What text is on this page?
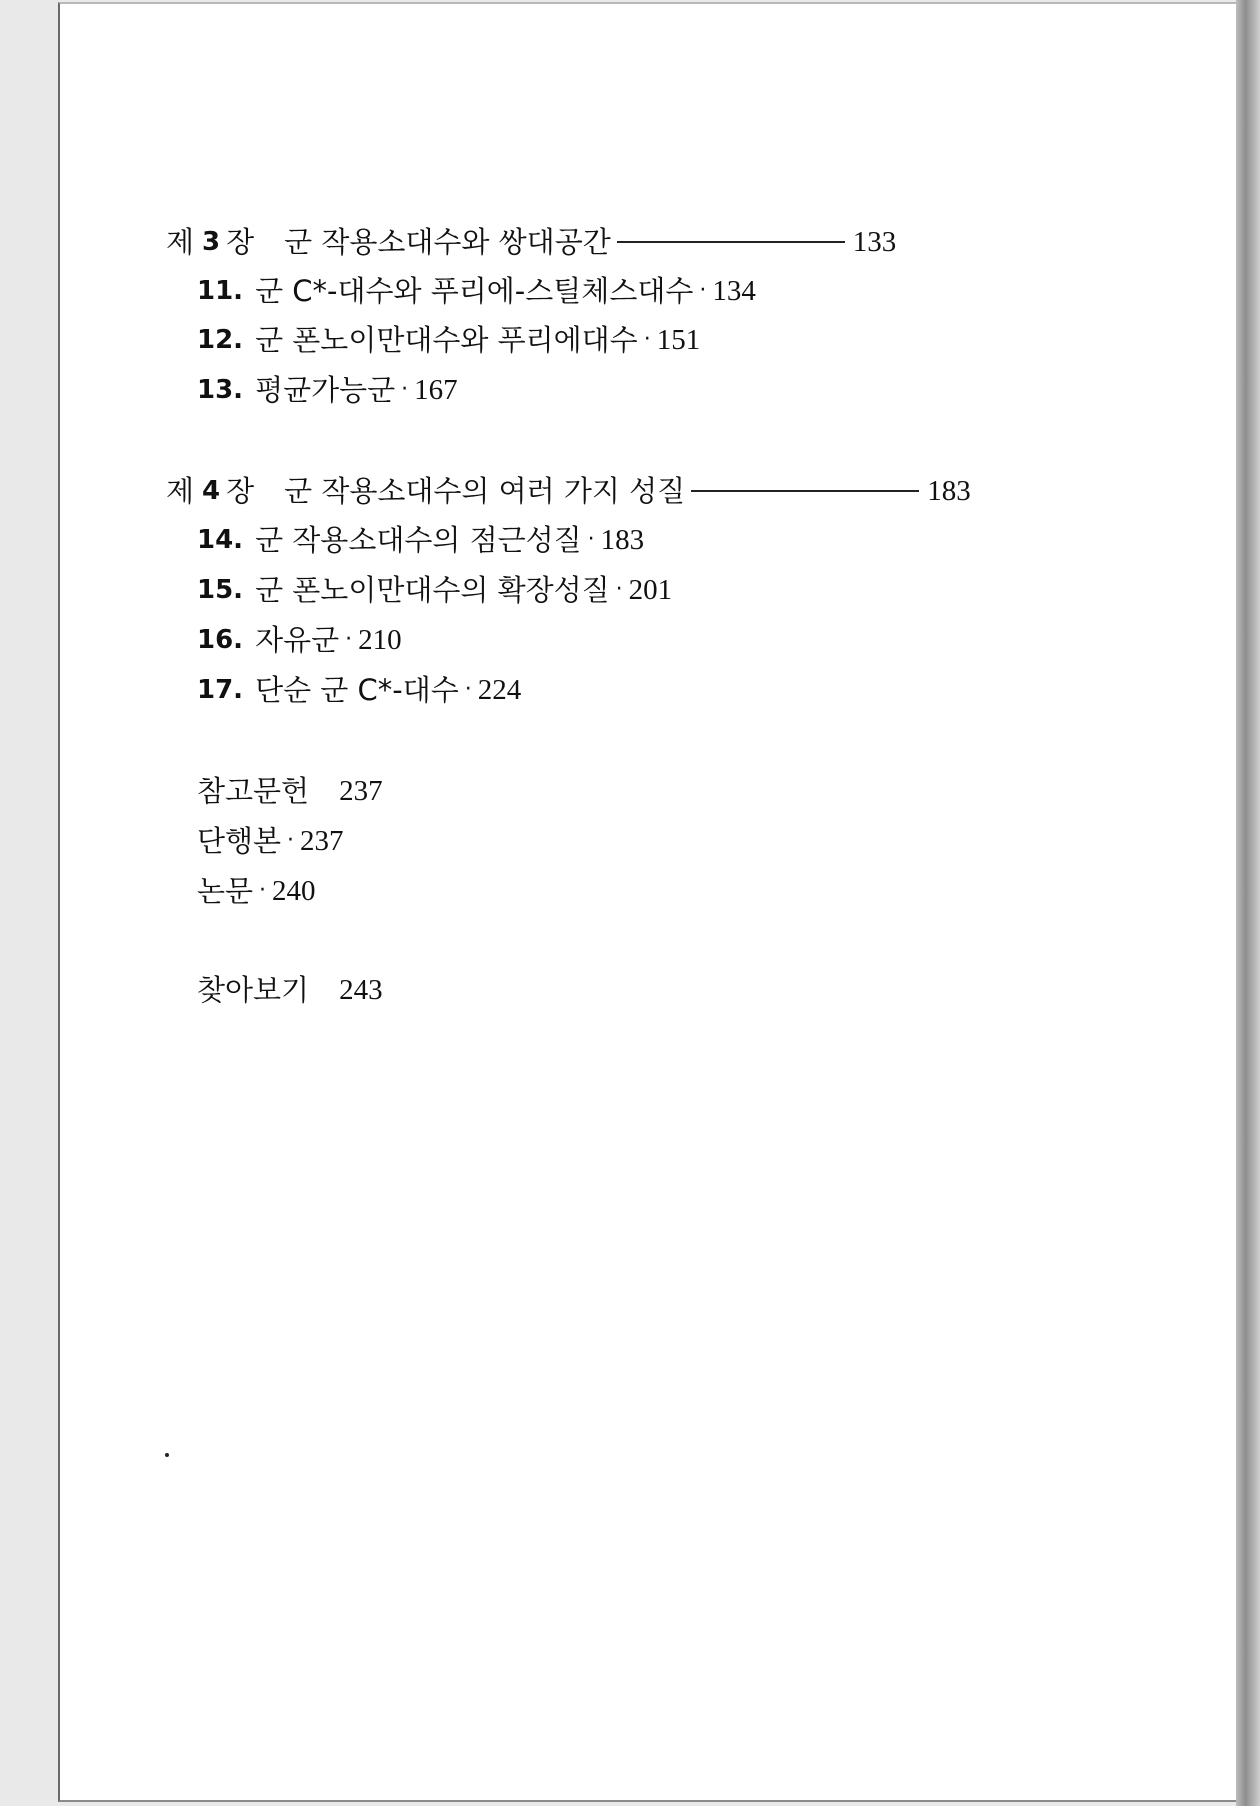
제 3 장 군 작용소대수와 쌍대공간	133
11. 군 C*-대수와 푸리에-스틸체스대수 · 134
12. 군 폰노이만대수와 푸리에대수 · 151
13. 평균가능군 · 167
제 4 장 군 작용소대수의 여러 가지 성질	183
14. 군 작용소대수의 점근성질 · 183
15. 군 폰노이만대수의 확장성질 · 201
16. 자유군 · 210
17. 단순 군 C*-대수 · 224
참고문헌 237
단행본 · 237
논문 · 240
찾아보기 243
